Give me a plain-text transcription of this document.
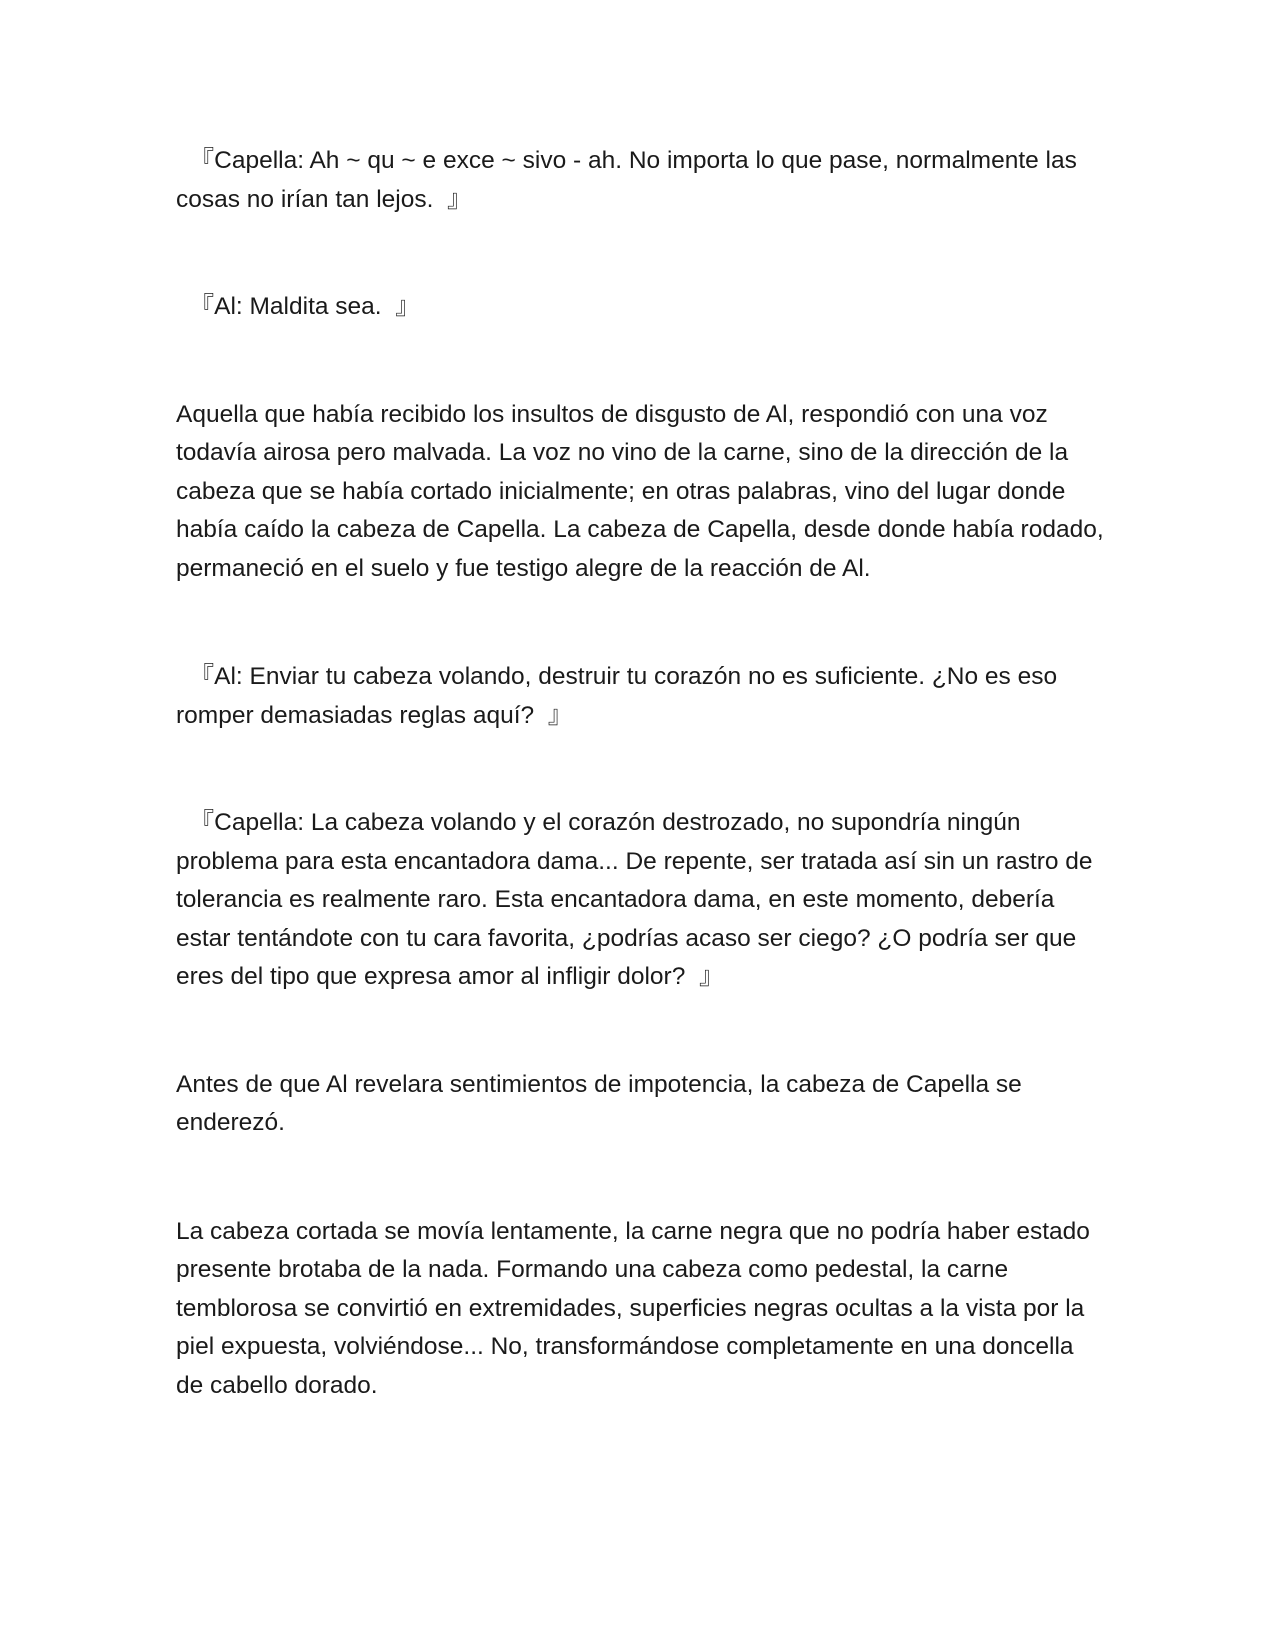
『Capella: Ah ~ qu ~ e exce ~ sivo - ah. No importa lo que pase, normalmente las cosas no irían tan lejos.  』

『Al: Maldita sea.  』

Aquella que había recibido los insultos de disgusto de Al, respondió con una voz todavía airosa pero malvada. La voz no vino de la carne, sino de la dirección de la cabeza que se había cortado inicialmente; en otras palabras, vino del lugar donde había caído la cabeza de Capella. La cabeza de Capella, desde donde había rodado, permaneció en el suelo y fue testigo alegre de la reacción de Al.

『Al: Enviar tu cabeza volando, destruir tu corazón no es suficiente. ¿No es eso romper demasiadas reglas aquí?  』

『Capella: La cabeza volando y el corazón destrozado, no supondría ningún problema para esta encantadora dama... De repente, ser tratada así sin un rastro de tolerancia es realmente raro. Esta encantadora dama, en este momento, debería estar tentándote con tu cara favorita, ¿podrías acaso ser ciego? ¿O podría ser que eres del tipo que expresa amor al infligir dolor?  』

Antes de que Al revelara sentimientos de impotencia, la cabeza de Capella se enderezó.

La cabeza cortada se movía lentamente, la carne negra que no podría haber estado presente brotaba de la nada. Formando una cabeza como pedestal, la carne temblorosa se convirtió en extremidades, superficies negras ocultas a la vista por la piel expuesta, volviéndose... No, transformándose completamente en una doncella de cabello dorado.
